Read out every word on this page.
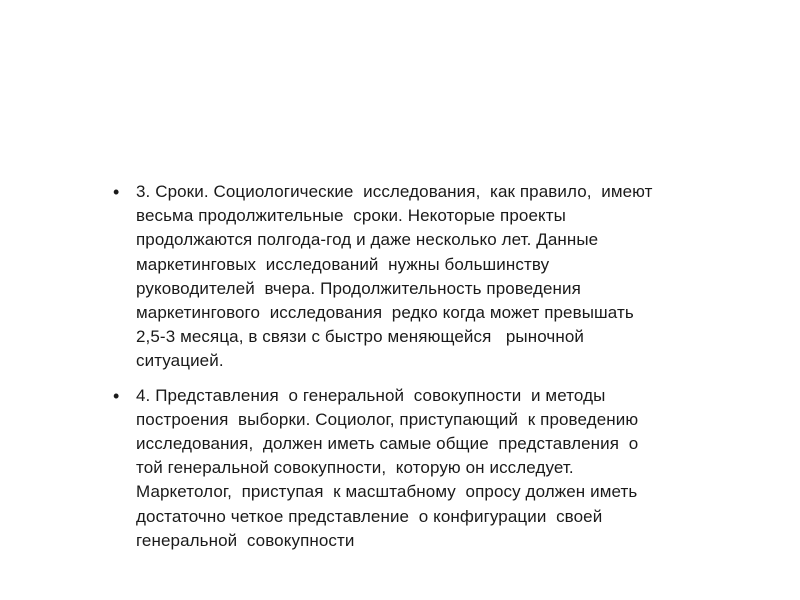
• 3. Сроки. Социологические  исследования,  как правило,  имеют
весьма продолжительные  сроки. Некоторые проекты
продолжаются полгода-год и даже несколько лет. Данные
маркетинговых  исследований  нужны большинству
руководителей  вчера. Продолжительность проведения
маркетингового  исследования  редко когда может превышать
2,5-3 месяца, в связи с быстро меняющейся   рыночной
ситуацией.
• 4. Представления  о генеральной  совокупности  и методы
построения  выборки. Социолог, приступающий  к проведению
исследования,  должен иметь самые общие  представления  о
той генеральной совокупности,  которую он исследует.
Маркетолог,  приступая  к масштабному  опросу должен иметь
достаточно четкое представление  о конфигурации  своей
генеральной  совокупности
